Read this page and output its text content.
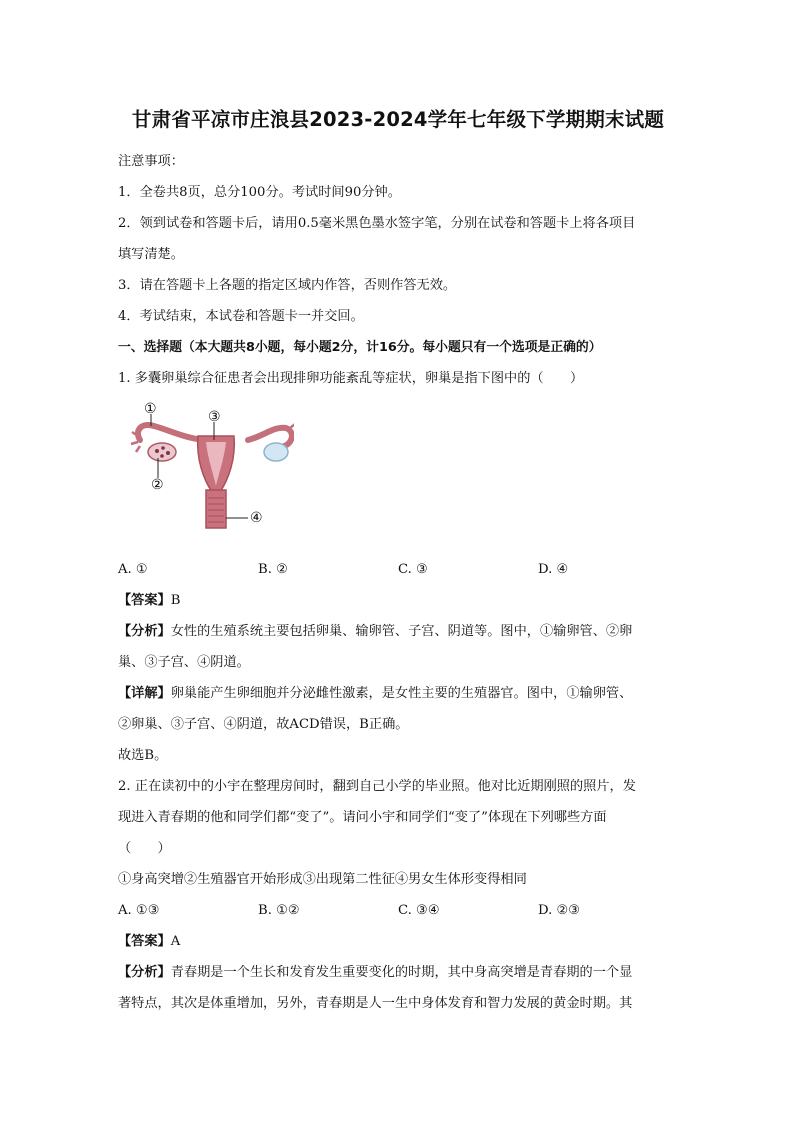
甘肃省平凉市庄浪县2023-2024学年七年级下学期期末试题
注意事项：
1．全卷共8页，总分100分。考试时间90分钟。
2．领到试卷和答题卡后，请用0.5毫米黑色墨水签字笔，分别在试卷和答题卡上将各项目
填写清楚。
3．请在答题卡上各题的指定区域内作答，否则作答无效。
4．考试结束，本试卷和答题卡一并交回。
一、选择题（本大题共8小题，每小题2分，计16分。每小题只有一个选项是正确的）
1. 多囊卵巢综合征患者会出现排卵功能紊乱等症状，卵巢是指下图中的（　　）
①	③
②
④
A. ①	B. ②	C. ③	D. ④
【答案】B
【分析】女性的生殖系统主要包括卵巢、输卵管、子宫、阴道等。图中，①输卵管、②卵
巢、③子宫、④阴道。
【详解】卵巢能产生卵细胞并分泌雌性激素，是女性主要的生殖器官。图中，①输卵管、
②卵巢、③子宫、④阴道，故ACD错误，B正确。
故选B。
2. 正在读初中的小宇在整理房间时，翻到自己小学的毕业照。他对比近期刚照的照片，发
现进入青春期的他和同学们都“变了”。请问小宇和同学们“变了”体现在下列哪些方面
（　　）
①身高突增②生殖器官开始形成③出现第二性征④男女生体形变得相同
A. ①③	B. ①②	C. ③④	D. ②③
【答案】A
【分析】青春期是一个生长和发育发生重要变化的时期，其中身高突增是青春期的一个显
著特点，其次是体重增加，另外，青春期是人一生中身体发育和智力发展的黄金时期。其
